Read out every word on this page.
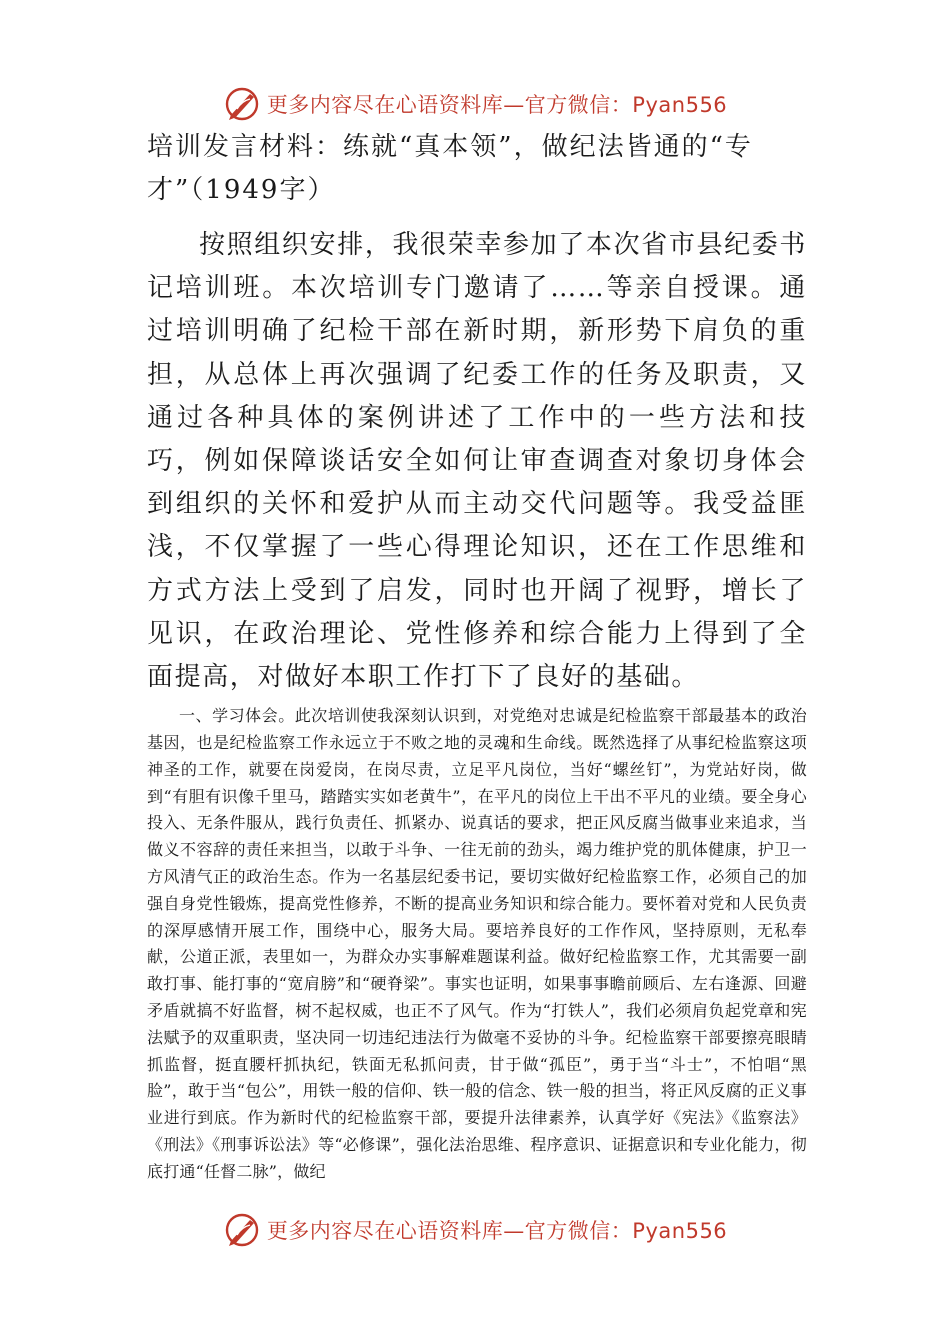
更多内容尽在心语资料库—官方微信：Pyan556
培训发言材料：练就“真本领”，做纪法皆通的“专才”（1949字）

按照组织安排，我很荣幸参加了本次省市县纪委书记培训班。本次培训专门邀请了……等亲自授课。通过培训明确了纪检干部在新时期，新形势下肩负的重担，从总体上再次强调了纪委工作的任务及职责，又通过各种具体的案例讲述了工作中的一些方法和技巧，例如保障谈话安全如何让审查调查对象切身体会到组织的关怀和爱护从而主动交代问题等。我受益匪浅，不仅掌握了一些心得理论知识，还在工作思维和方式方法上受到了启发，同时也开阔了视野，增长了见识，在政治理论、党性修养和综合能力上得到了全面提高，对做好本职工作打下了良好的基础。

一、学习体会。此次培训使我深刻认识到，对党绝对忠诚是纪检监察干部最基本的政治基因，也是纪检监察工作永远立于不败之地的灵魂和生命线。既然选择了从事纪检监察这项神圣的工作，就要在岗爱岗，在岗尽责，立足平凡岗位，当好“螺丝钉”，为党站好岗，做到“有胆有识像千里马，踏踏实实如老黄牛”，在平凡的岗位上干出不平凡的业绩。要全身心投入、无条件服从，践行负责任、抓紧办、说真话的要求，把正风反腐当做事业来追求，当做义不容辞的责任来担当，以敢于斗争、一往无前的劲头，竭力维护党的肌体健康，护卫一方风清气正的政治生态。作为一名基层纪委书记，要切实做好纪检监察工作，必须自己的加强自身党性锻炼，提高党性修养，不断的提高业务知识和综合能力。要怀着对党和人民负责的深厚感情开展工作，围绕中心，服务大局。要培养良好的工作作风，坚持原则，无私奉献，公道正派，表里如一，为群众办实事解难题谋利益。做好纪检监察工作，尤其需要一副敢打事、能打事的“宽肩膀”和“硬脊梁”。事实也证明，如果事事瞻前顾后、左右逢源、回避矛盾就搞不好监督，树不起权威，也正不了风气。作为“打铁人”，我们必须肩负起党章和宪法赋予的双重职责，坚决同一切违纪违法行为做毫不妥协的斗争。纪检监察干部要擦亮眼睛抓监督，挺直腰杆抓执纪，铁面无私抓问责，甘于做“孤臣”，勇于当“斗士”，不怕唱“黑脸”，敢于当“包公”，用铁一般的信仰、铁一般的信念、铁一般的担当，将正风反腐的正义事业进行到底。作为新时代的纪检监察干部，要提升法律素养，认真学好《宪法》《监察法》《刑法》《刑事诉讼法》等“必修课”，强化法治思维、程序意识、证据意识和专业化能力，彻底打通“任督二脉”，做纪

更多内容尽在心语资料库—官方微信：Pyan556
